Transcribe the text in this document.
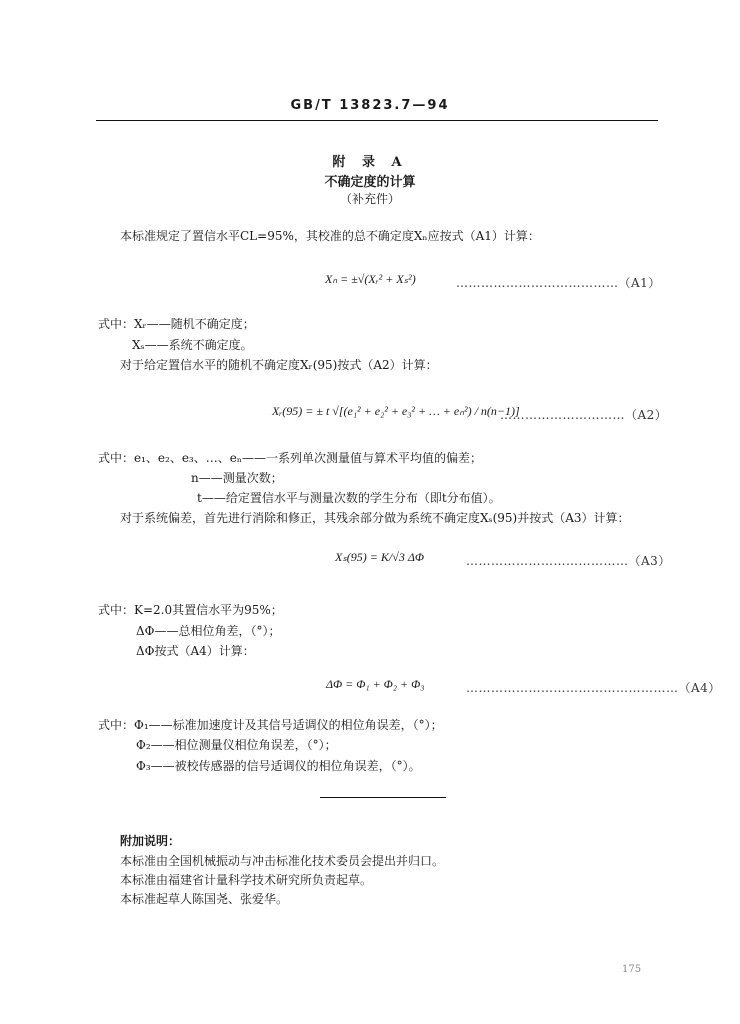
GB/T 13823.7—94
附 录 A
不确定度的计算
（补充件）
本标准规定了置信水平CL=95%，其校准的总不确定度Xₙ应按式（A1）计算：
Xₙ = ±√(Xᵣ² + Xₛ²)	…………………………………（A1）
式中：Xᵣ——随机不确定度；
Xₛ——系统不确定度。
对于给定置信水平的随机不确定度Xᵣ(95)按式（A2）计算：
Xᵣ(95) = ± t √[(e₁² + e₂² + e₃² + … + eₙ²) / n(n−1)]
…………………………（A2）
式中：e₁、e₂、e₃、…、eₙ——一系列单次测量值与算术平均值的偏差；
n——测量次数；
t——给定置信水平与测量次数的学生分布（即t分布值）。
对于系统偏差，首先进行消除和修正，其残余部分做为系统不确定度Xₛ(95)并按式（A3）计算：
Xₛ(95) = K/√3 ΔΦ	…………………………………（A3）
式中：K=2.0其置信水平为95%；
ΔΦ——总相位角差，（°）；
ΔΦ按式（A4）计算：
ΔΦ = Φ₁ + Φ₂ + Φ₃	……………………………………………（A4）
式中：Φ₁——标准加速度计及其信号适调仪的相位角误差，（°）；
Φ₂——相位测量仪相位角误差，（°）；
Φ₃——被校传感器的信号适调仪的相位角误差，（°）。
附加说明：
本标准由全国机械振动与冲击标准化技术委员会提出并归口。
本标准由福建省计量科学技术研究所负责起草。
本标准起草人陈国尧、张爱华。
175
